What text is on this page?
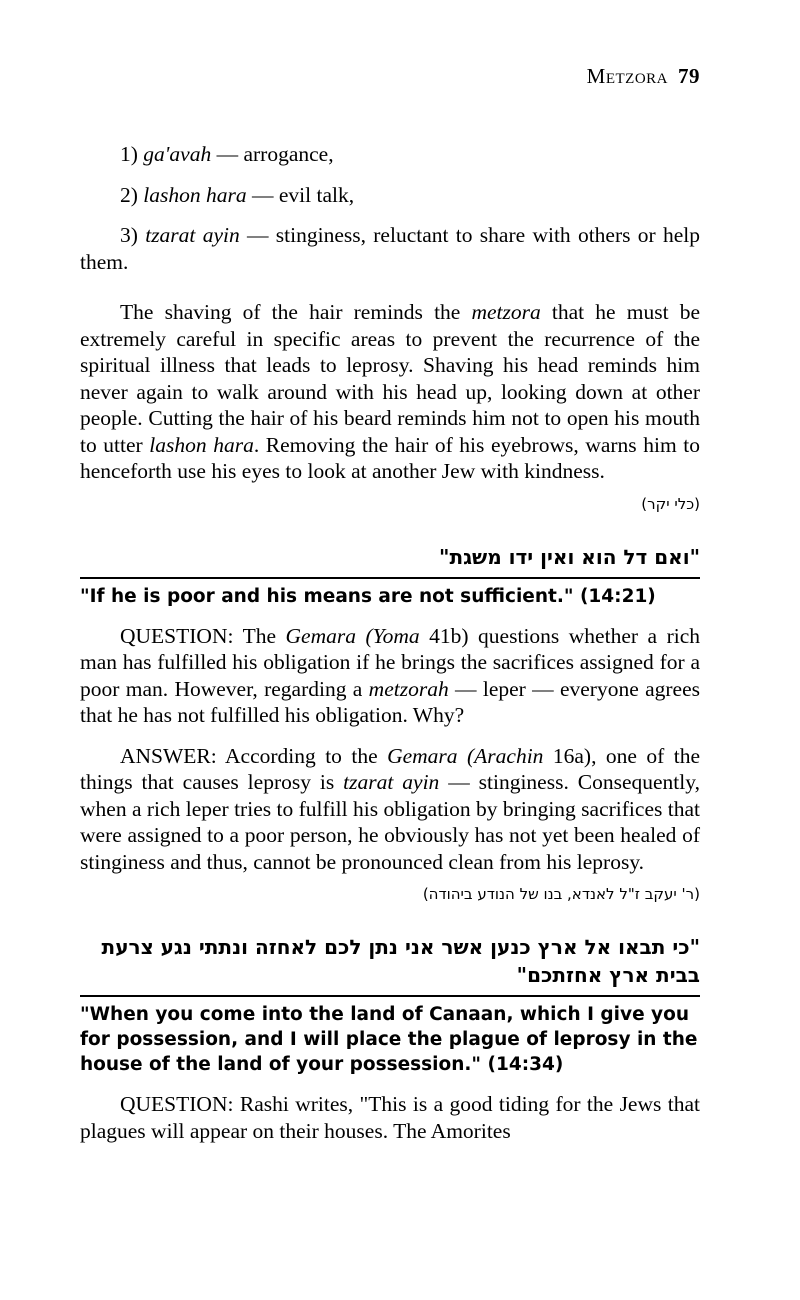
Metzora 79

1) ga'avah — arrogance,

2) lashon hara — evil talk,

3) tzarat ayin — stinginess, reluctant to share with others or help them.

The shaving of the hair reminds the metzora that he must be extremely careful in specific areas to prevent the recurrence of the spiritual illness that leads to leprosy. Shaving his head reminds him never again to walk around with his head up, looking down at other people. Cutting the hair of his beard reminds him not to open his mouth to utter lashon hara. Removing the hair of his eyebrows, warns him to henceforth use his eyes to look at another Jew with kindness.

(כלי יקר)
"ואם דל הוא ואין ידו משגת"
"If he is poor and his means are not sufficient." (14:21)

QUESTION: The Gemara (Yoma 41b) questions whether a rich man has fulfilled his obligation if he brings the sacrifices assigned for a poor man. However, regarding a metzorah — leper — everyone agrees that he has not fulfilled his obligation. Why?

ANSWER: According to the Gemara (Arachin 16a), one of the things that causes leprosy is tzarat ayin — stinginess. Consequently, when a rich leper tries to fulfill his obligation by bringing sacrifices that were assigned to a poor person, he obviously has not yet been healed of stinginess and thus, cannot be pronounced clean from his leprosy.

(ר' יעקב ז"ל לאנדא, בנו של הנודע ביהודה)
"כי תבאו אל ארץ כנען אשר אני נתן לכם לאחזה ונתתי נגע צרעת בבית ארץ אחזתכם"
"When you come into the land of Canaan, which I give you for possession, and I will place the plague of leprosy in the house of the land of your possession." (14:34)

QUESTION: Rashi writes, "This is a good tiding for the Jews that plagues will appear on their houses. The Amorites
